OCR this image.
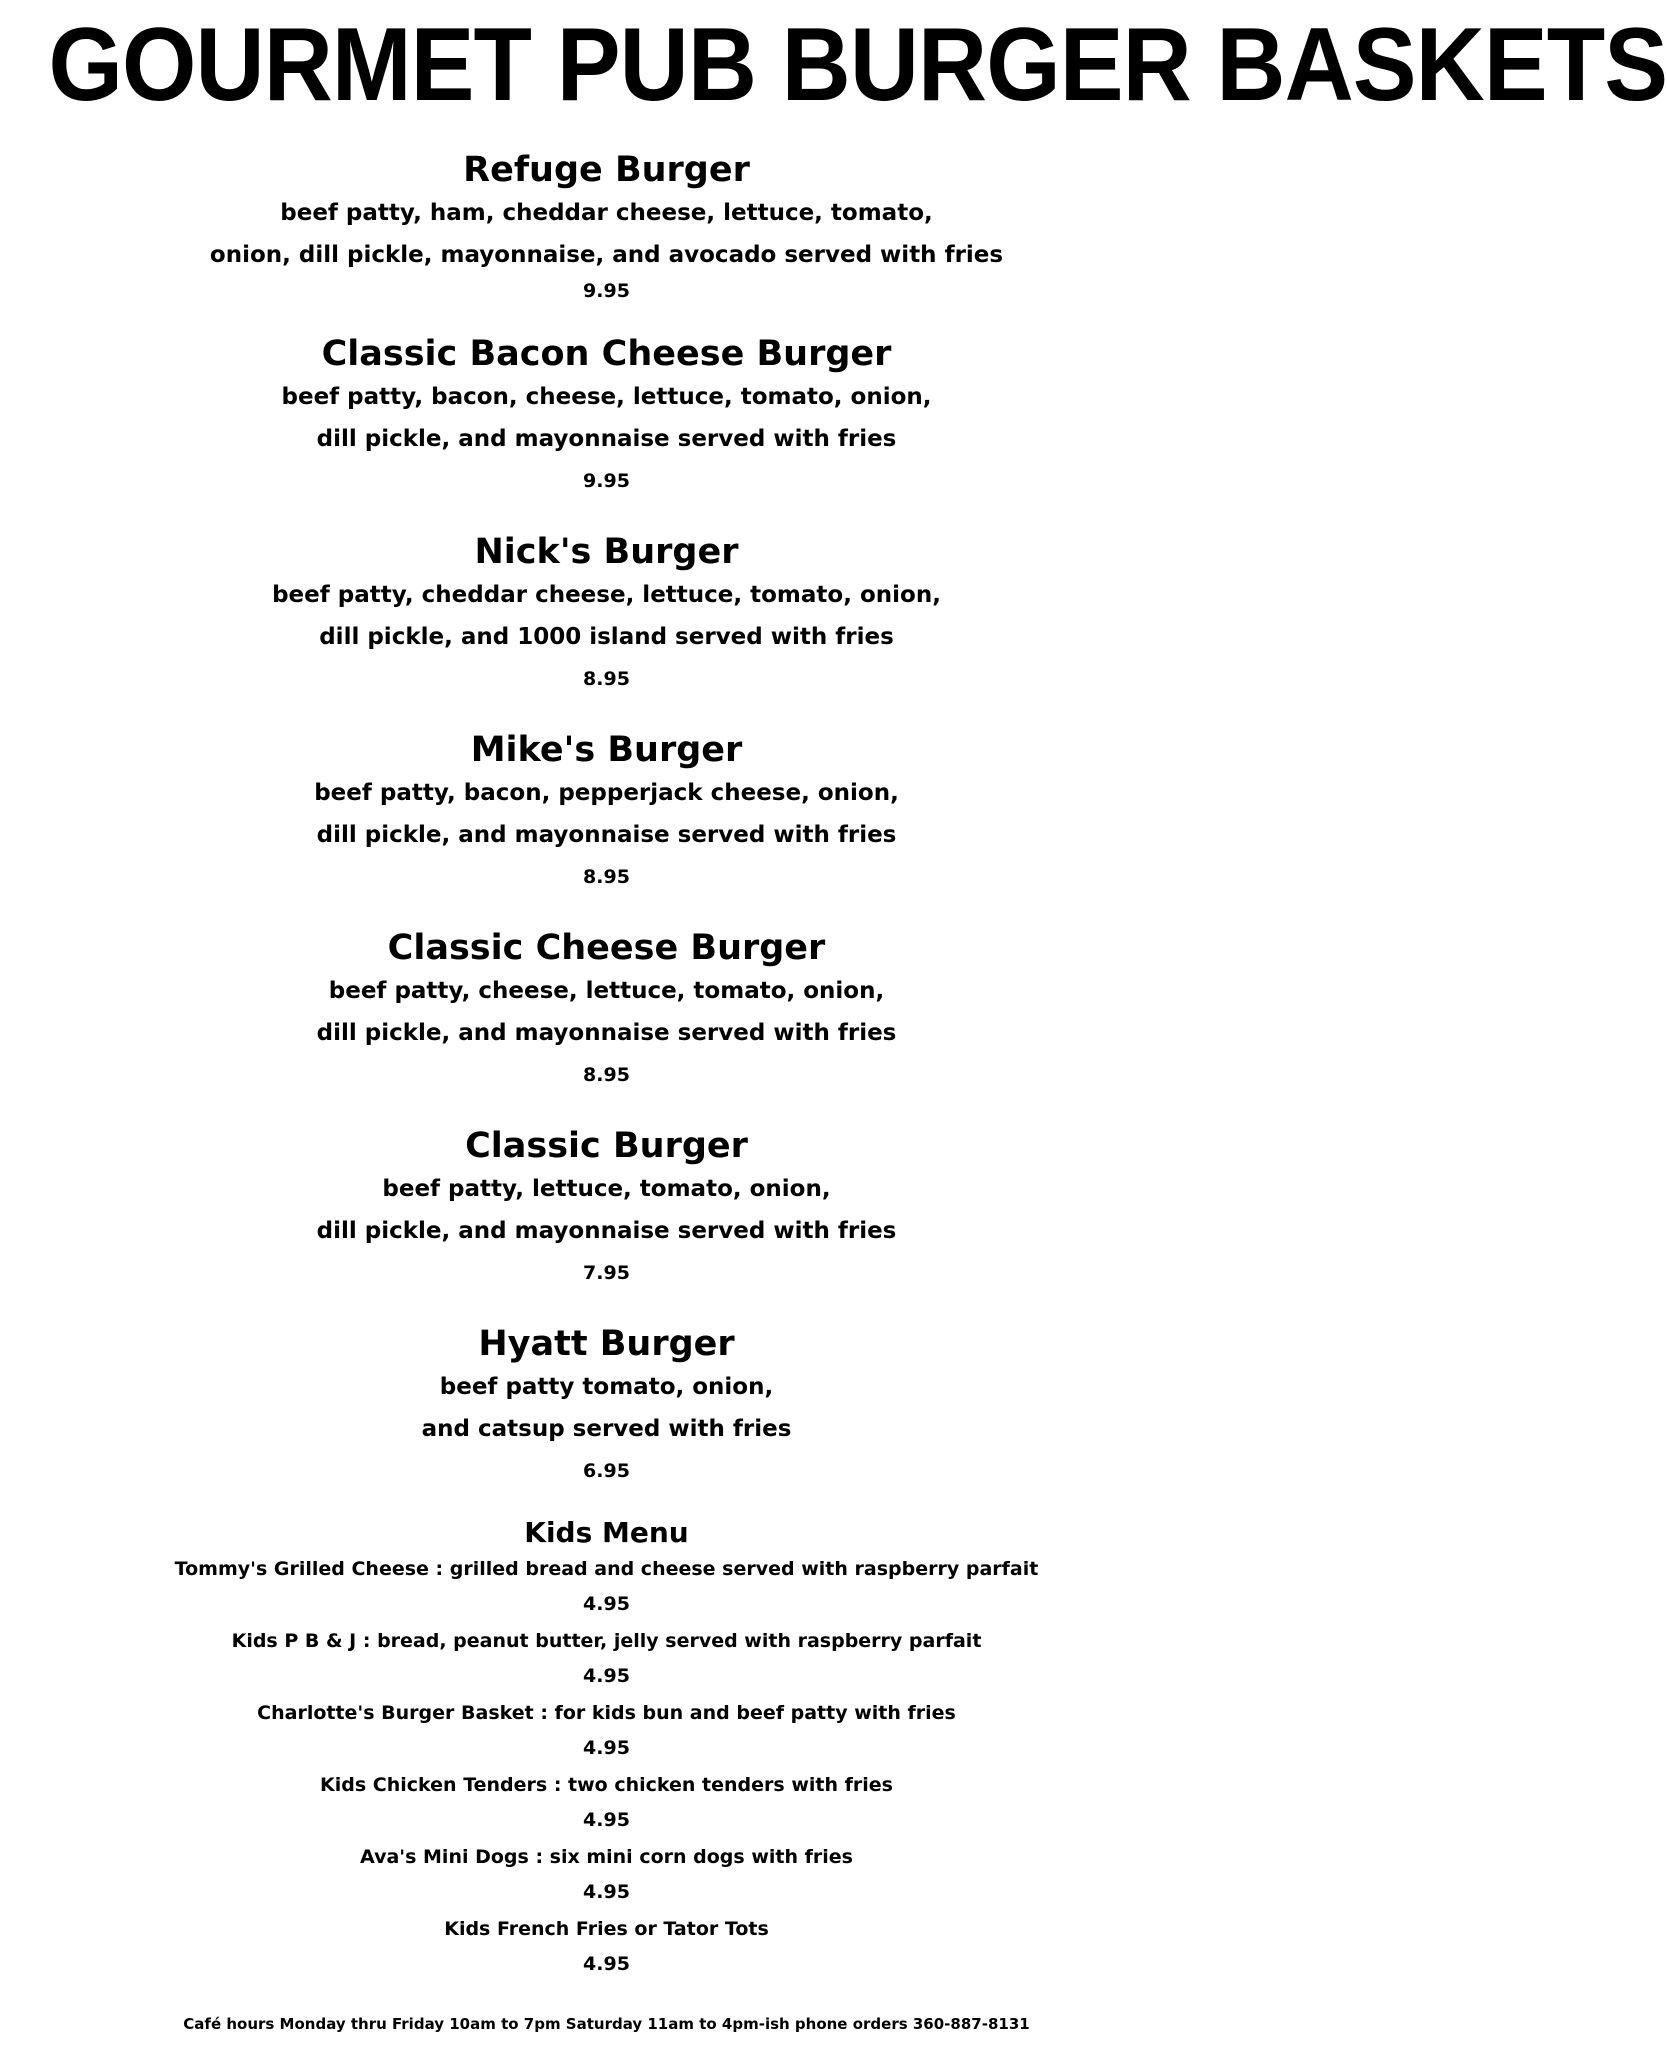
GOURMET PUB BURGER BASKETS
Refuge Burger
beef patty, ham, cheddar cheese, lettuce, tomato,
onion, dill pickle, mayonnaise, and avocado served with fries
9.95
Classic Bacon Cheese Burger
beef patty, bacon, cheese, lettuce, tomato, onion,
dill pickle, and mayonnaise served with fries
9.95
Nick's Burger
beef patty, cheddar cheese, lettuce, tomato, onion,
dill pickle, and 1000 island served with fries
8.95
Mike's Burger
beef patty, bacon, pepperjack cheese, onion,
dill pickle, and mayonnaise served with fries
8.95
Classic Cheese Burger
beef patty, cheese, lettuce, tomato, onion,
dill pickle, and mayonnaise served with fries
8.95
Classic Burger
beef patty, lettuce, tomato, onion,
dill pickle, and mayonnaise served with fries
7.95
Hyatt Burger
beef patty tomato, onion,
and catsup served with fries
6.95
Kids Menu
Tommy's Grilled Cheese : grilled bread and cheese served with raspberry parfait
4.95
Kids P B & J : bread, peanut butter, jelly served with raspberry parfait
4.95
Charlotte's Burger Basket : for kids bun and beef patty with fries
4.95
Kids Chicken Tenders : two chicken tenders with fries
4.95
Ava's Mini Dogs : six mini corn dogs with fries
4.95
Kids French Fries or Tator Tots
4.95
Café hours Monday thru Friday 10am to 7pm Saturday 11am to 4pm-ish phone orders 360-887-8131
